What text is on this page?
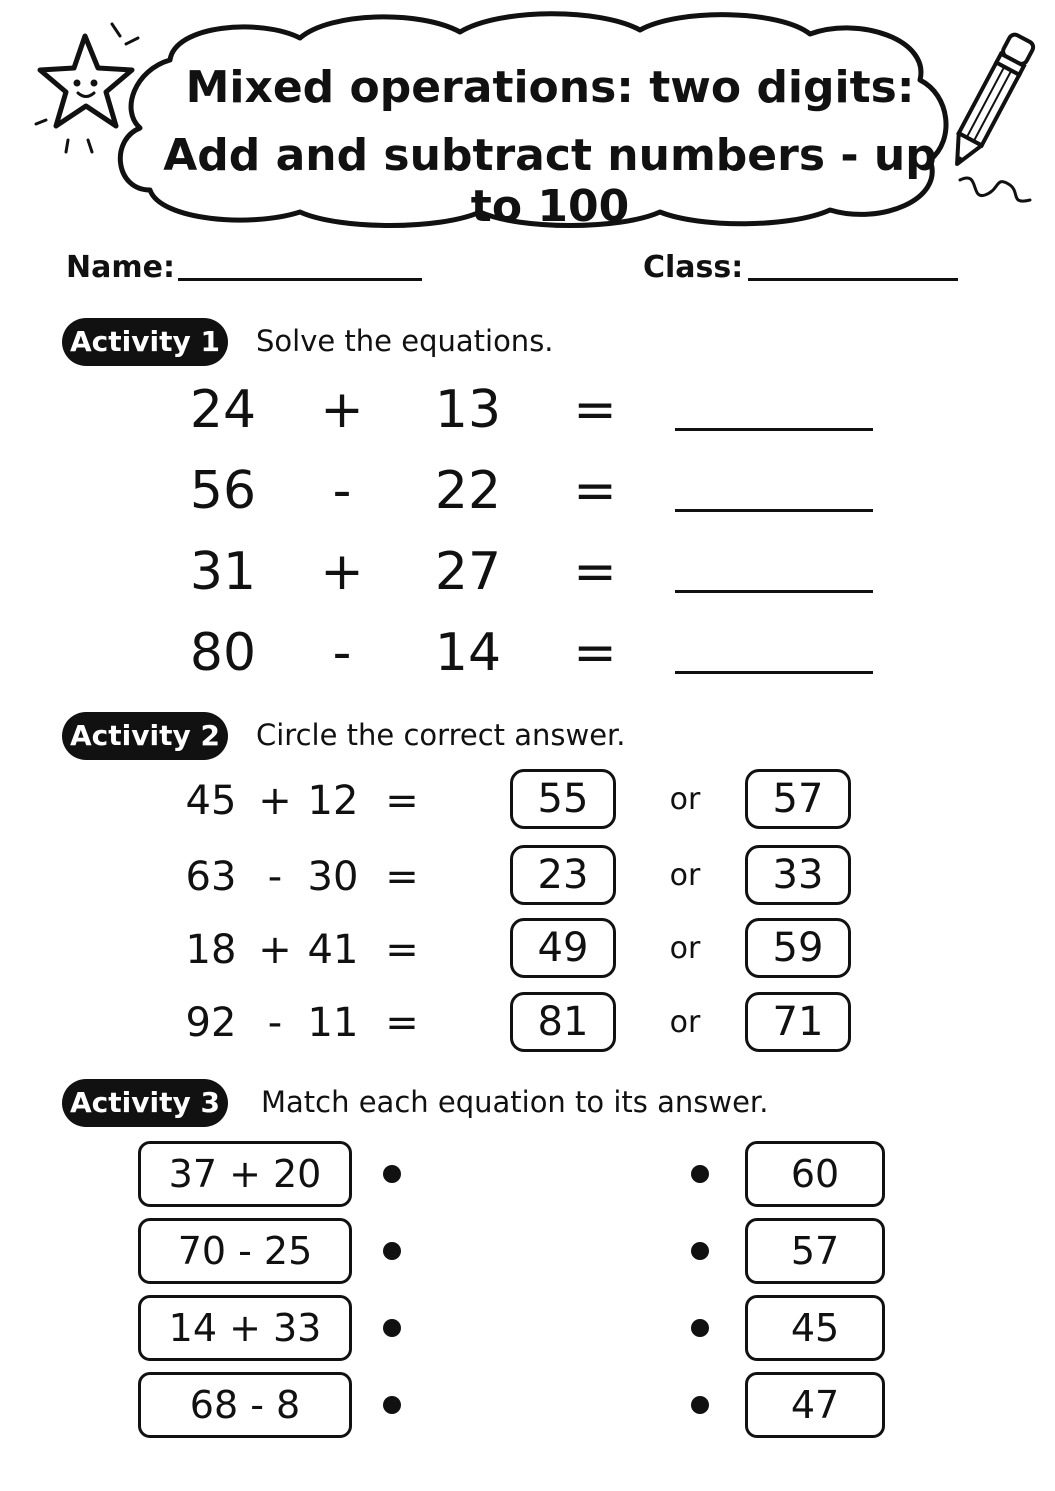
Mixed operations: two digits:
Add and subtract numbers - up to 100
Name:	Class:
Activity 1 Solve the equations.
24 + 13 =
56	-	22 =
31 + 27 =
80	-	14 =
Activity 2 Circle the correct answer.
45 + 12 =	55	or	57
63 - 30 =	23	or	33
18 + 41 =	49	or	59
92 - 11 =	81	or	71
Activity 3 Match each equation to its answer.
37 + 20	60
70 - 25	57
14 + 33	45
68 - 8	47
